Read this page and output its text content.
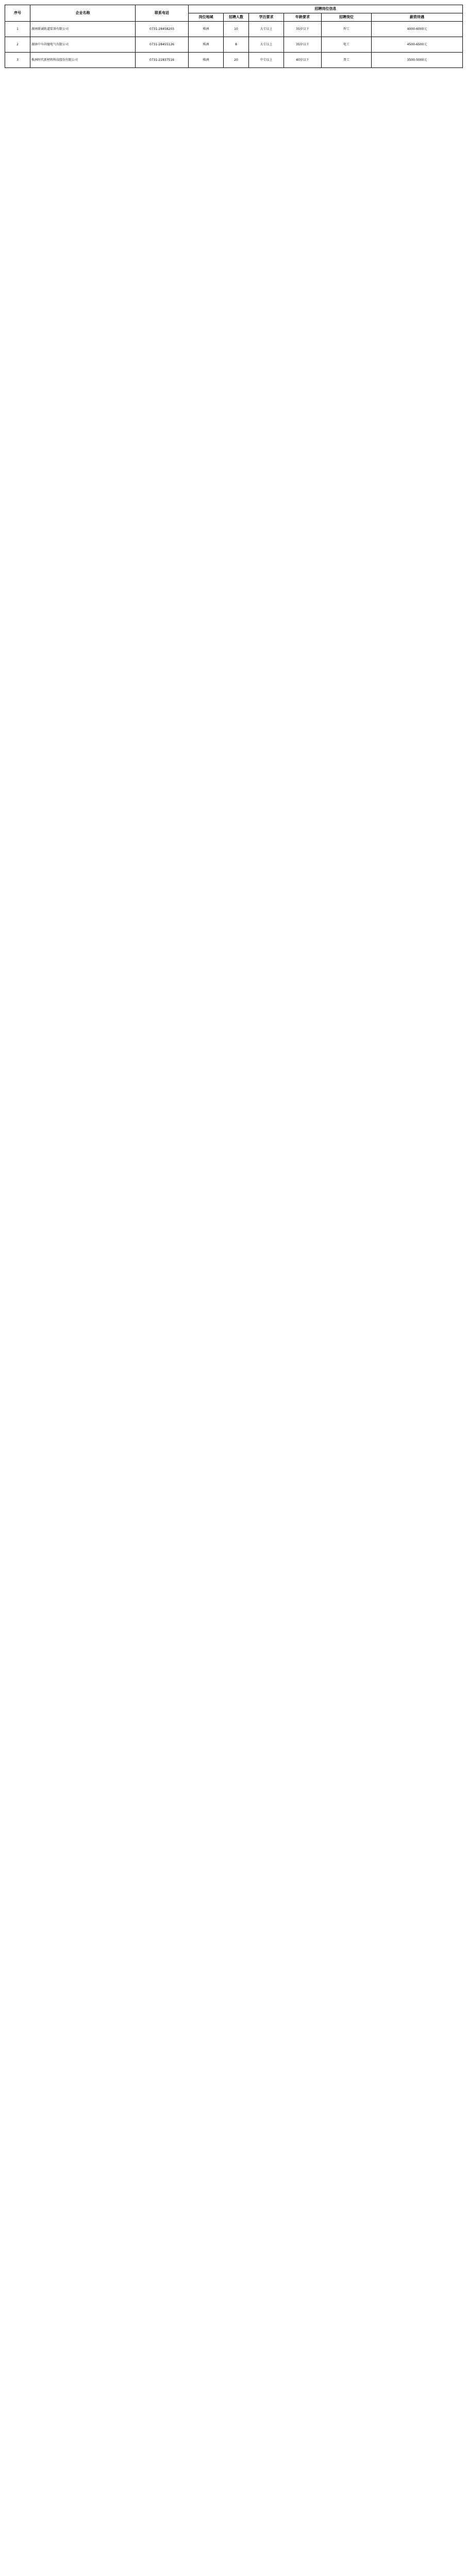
序号	企业名称	联系电话	招聘岗位信息					
			岗位地域	招聘人数	学历要求	年龄要求	招聘岗位	薪资待遇
1	湖南联诚轨道装备有限公司	0731-28458203	株洲	10	大专以上	35岁以下	焊工	4000-6000元
2	湖南中车尚驰电气有限公司	0731-28455126	株洲	8	大专以上	35岁以下	电工	4500-6500元
3	株洲时代新材料科技股份有限公司	0731-22837516	株洲	20	中专以上	40岁以下	普工	3500-5000元
